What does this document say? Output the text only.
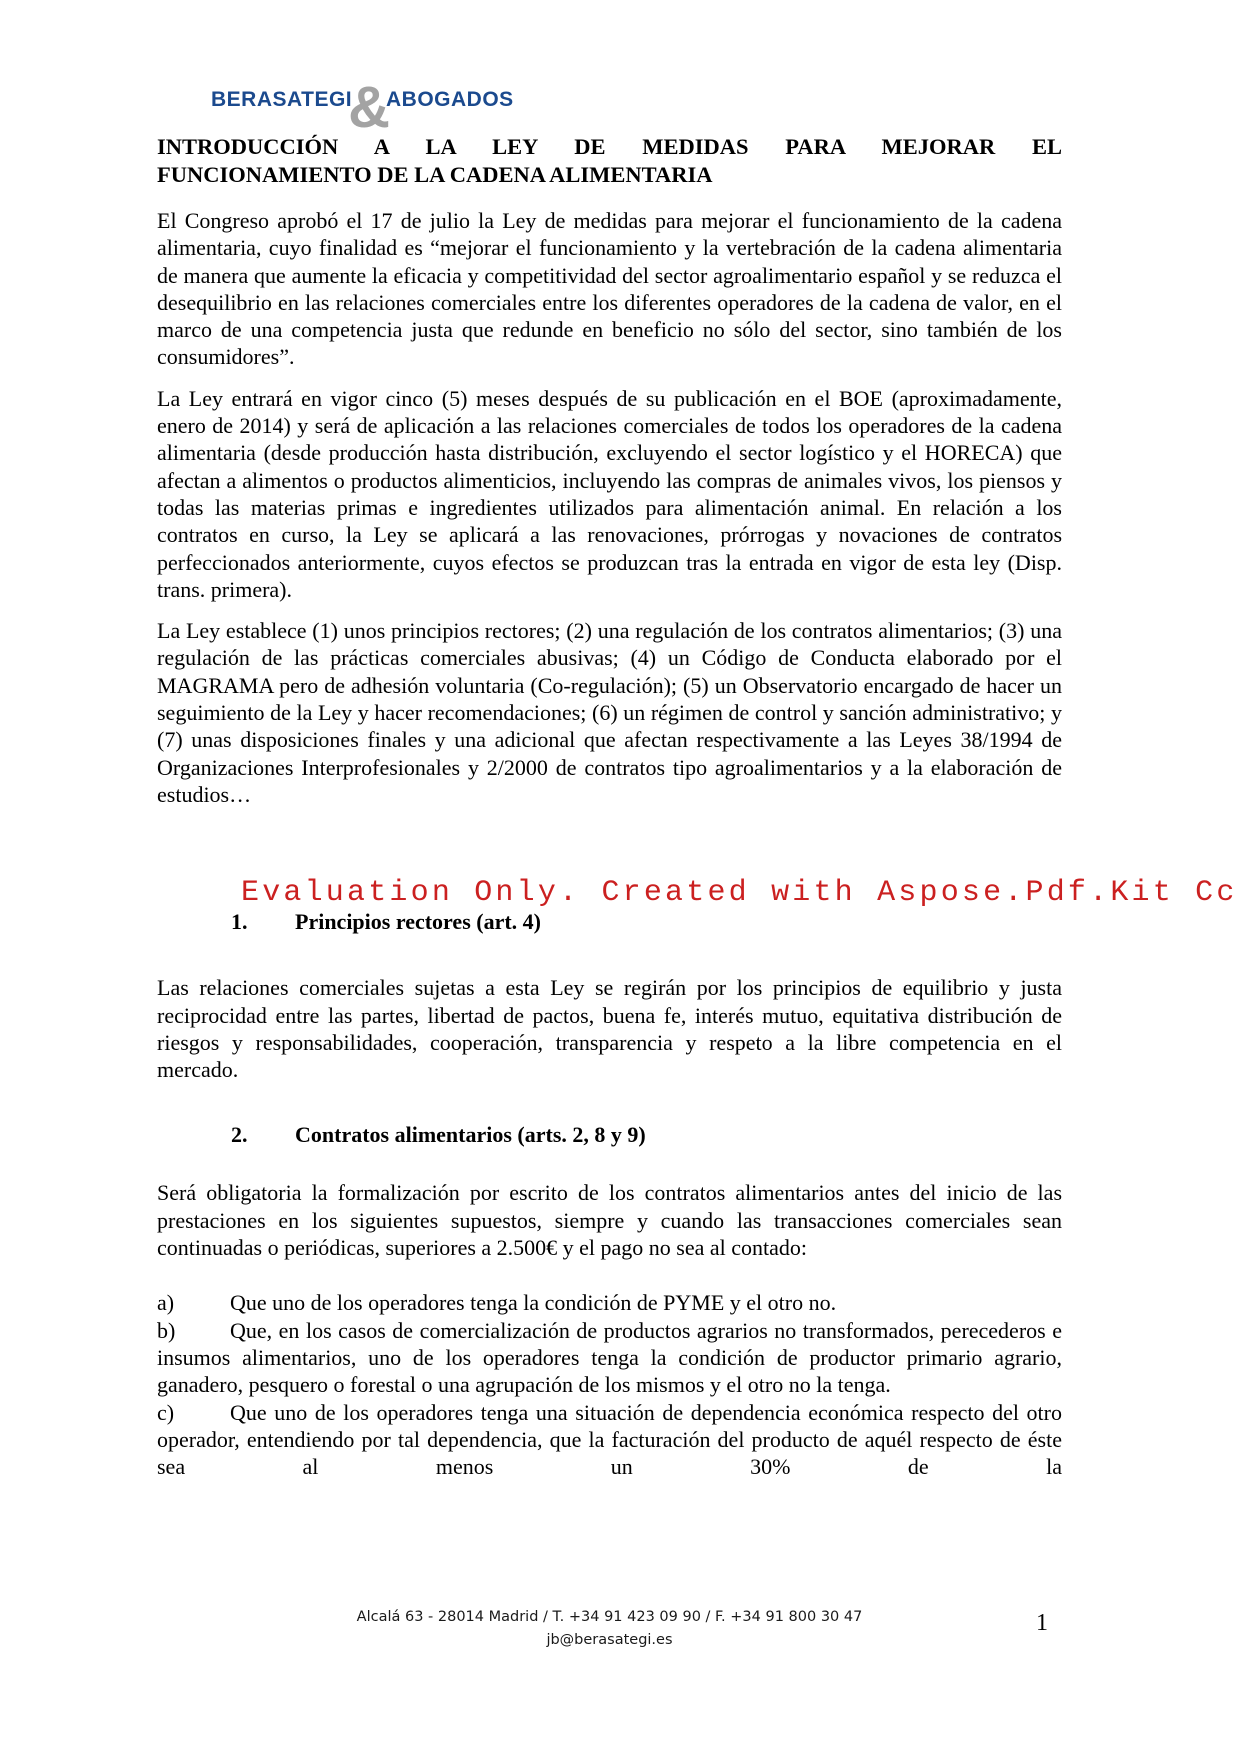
BERASATEGI
&
ABOGADOS
INTRODUCCIÓN A LA LEY DE MEDIDAS PARA MEJORAR EL
FUNCIONAMIENTO DE LA CADENA ALIMENTARIA

El Congreso aprobó el 17 de julio la Ley de medidas para mejorar el funcionamiento de la cadena alimentaria, cuyo finalidad es “mejorar el funcionamiento y la vertebración de la cadena alimentaria de manera que aumente la eficacia y competitividad del sector agroalimentario español y se reduzca el desequilibrio en las relaciones comerciales entre los diferentes operadores de la cadena de valor, en el marco de una competencia justa que redunde en beneficio no sólo del sector, sino también de los consumidores”.

La Ley entrará en vigor cinco (5) meses después de su publicación en el BOE (aproximadamente, enero de 2014) y será de aplicación a las relaciones comerciales de todos los operadores de la cadena alimentaria (desde producción hasta distribución, excluyendo el sector logístico y el HORECA) que afectan a alimentos o productos alimenticios, incluyendo las compras de animales vivos, los piensos y todas las materias primas e ingredientes utilizados para alimentación animal. En relación a los contratos en curso, la Ley se aplicará a las renovaciones, prórrogas y novaciones de contratos perfeccionados anteriormente, cuyos efectos se produzcan tras la entrada en vigor de esta ley (Disp. trans. primera).

La Ley establece (1) unos principios rectores; (2) una regulación de los contratos alimentarios; (3) una regulación de las prácticas comerciales abusivas; (4) un Código de Conducta elaborado por el MAGRAMA pero de adhesión voluntaria (Co-regulación); (5) un Observatorio encargado de hacer un seguimiento de la Ley y hacer recomendaciones; (6) un régimen de control y sanción administrativo; y (7) unas disposiciones finales y una adicional que afectan respectivamente a las Leyes 38/1994 de Organizaciones Interprofesionales y 2/2000 de contratos tipo agroalimentarios y a la elaboración de estudios…

1. Principios rectores (art. 4)

Las relaciones comerciales sujetas a esta Ley se regirán por los principios de equilibrio y justa reciprocidad entre las partes, libertad de pactos, buena fe, interés mutuo, equitativa distribución de riesgos y responsabilidades, cooperación, transparencia y respeto a la libre competencia en el mercado.

2. Contratos alimentarios (arts. 2, 8 y 9)

Será obligatoria la formalización por escrito de los contratos alimentarios antes del inicio de las prestaciones en los siguientes supuestos, siempre y cuando las transacciones comerciales sean continuadas o periódicas, superiores a 2.500€ y el pago no sea al contado:

a)	Que uno de los operadores tenga la condición de PYME y el otro no.

b) Que, en los casos de comercialización de productos agrarios no transformados, perecederos e insumos alimentarios, uno de los operadores tenga la condición de productor primario agrario, ganadero, pesquero o forestal o una agrupación de los mismos y el otro no la tenga.

c)	Que uno de los operadores tenga una situación de dependencia económica respecto del otro operador, entendiendo por tal dependencia, que la facturación del producto de aquél respecto de éste sea al menos un 30% de la

Evaluation Only. Created with Aspose.Pdf.Kit Cc
Alcalá 63 - 28014 Madrid / T. +34 91 423 09 90 / F. +34 91 800 30 47
jb@berasategi.es
1
